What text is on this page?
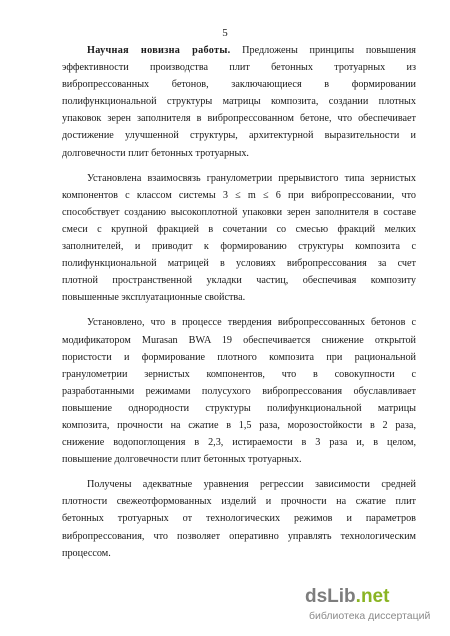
5
Научная новизна работы. Предложены принципы повышения
эффективности производства плит бетонных тротуарных из
вибропрессованных бетонов, заключающиеся в формировании
полифункциональной структуры матрицы композита, создании плотных
упаковок зерен заполнителя в вибропрессованном бетоне, что обеспечивает
достижение улучшенной структуры, архитектурной выразительности и
долговечности плит бетонных тротуарных.
Установлена взаимосвязь гранулометрии прерывистого типа зернистых
компонентов с классом системы 3 ≤ m ≤ 6 при вибропрессовании, что
способствует созданию высокоплотной упаковки зерен заполнителя в составе
смеси с крупной фракцией в сочетании со смесью фракций мелких
заполнителей, и приводит к формированию структуры композита с
полифункциональной матрицей в условиях вибропрессования за счет
плотной пространственной укладки частиц, обеспечивая композиту
повышенные эксплуатационные свойства.
Установлено, что в процессе твердения вибропрессованных бетонов с
модификатором Murasan BWA 19 обеспечивается снижение открытой
пористости и формирование плотного композита при рациональной
гранулометрии зернистых компонентов, что в совокупности с
разработанными режимами полусухого вибропрессования обуславливает
повышение однородности структуры полифункциональной матрицы
композита, прочности на сжатие в 1,5 раза, морозостойкости в 2 раза,
снижение водопоглощения в 2,3, истираемости в 3 раза и, в целом,
повышение долговечности плит бетонных тротуарных.
Получены адекватные уравнения регрессии зависимости средней
плотности свежеотформованных изделий и прочности на сжатие плит
бетонных тротуарных от технологических режимов и параметров
вибропрессования, что позволяет оперативно управлять технологическим
процессом.
dsLib.net
библиотека диссертаций
